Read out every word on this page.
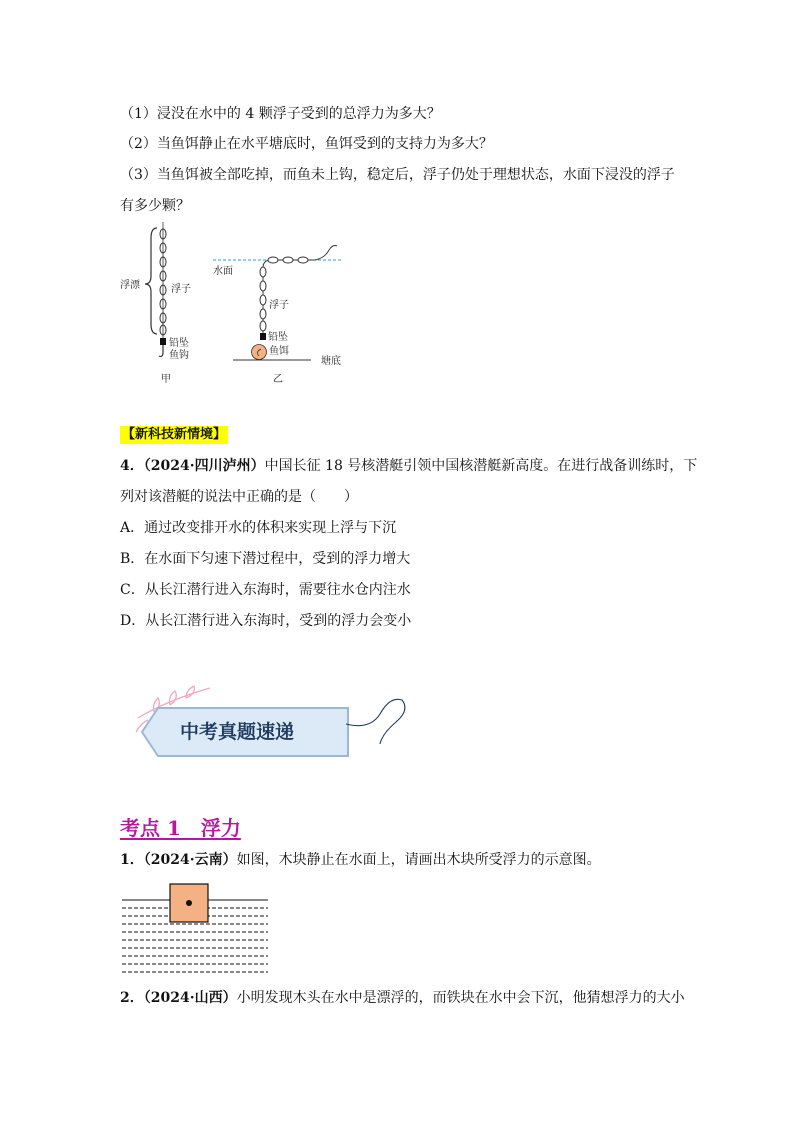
（1）浸没在水中的 4 颗浮子受到的总浮力为多大？
（2）当鱼饵静止在水平塘底时，鱼饵受到的支持力为多大？
（3）当鱼饵被全部吃掉，而鱼未上钩，稳定后，浮子仍处于理想状态，水面下浸没的浮子
有多少颗？
浮漂	浮子
铅坠
鱼钩
甲
水面
浮子
铅坠
鱼饵
塘底
乙
【新科技新情境】
4．（2024·四川泸州）中国长征 18 号核潜艇引领中国核潜艇新高度。在进行战备训练时，下
列对该潜艇的说法中正确的是（　　）
A．通过改变排开水的体积来实现上浮与下沉
B．在水面下匀速下潜过程中，受到的浮力增大
C．从长江潜行进入东海时，需要往水仓内注水
D．从长江潜行进入东海时，受到的浮力会变小
中考真题速递
考点 1　浮力
1．（2024·云南）如图，木块静止在水面上，请画出木块所受浮力的示意图。
2．（2024·山西）小明发现木头在水中是漂浮的，而铁块在水中会下沉，他猜想浮力的大小
